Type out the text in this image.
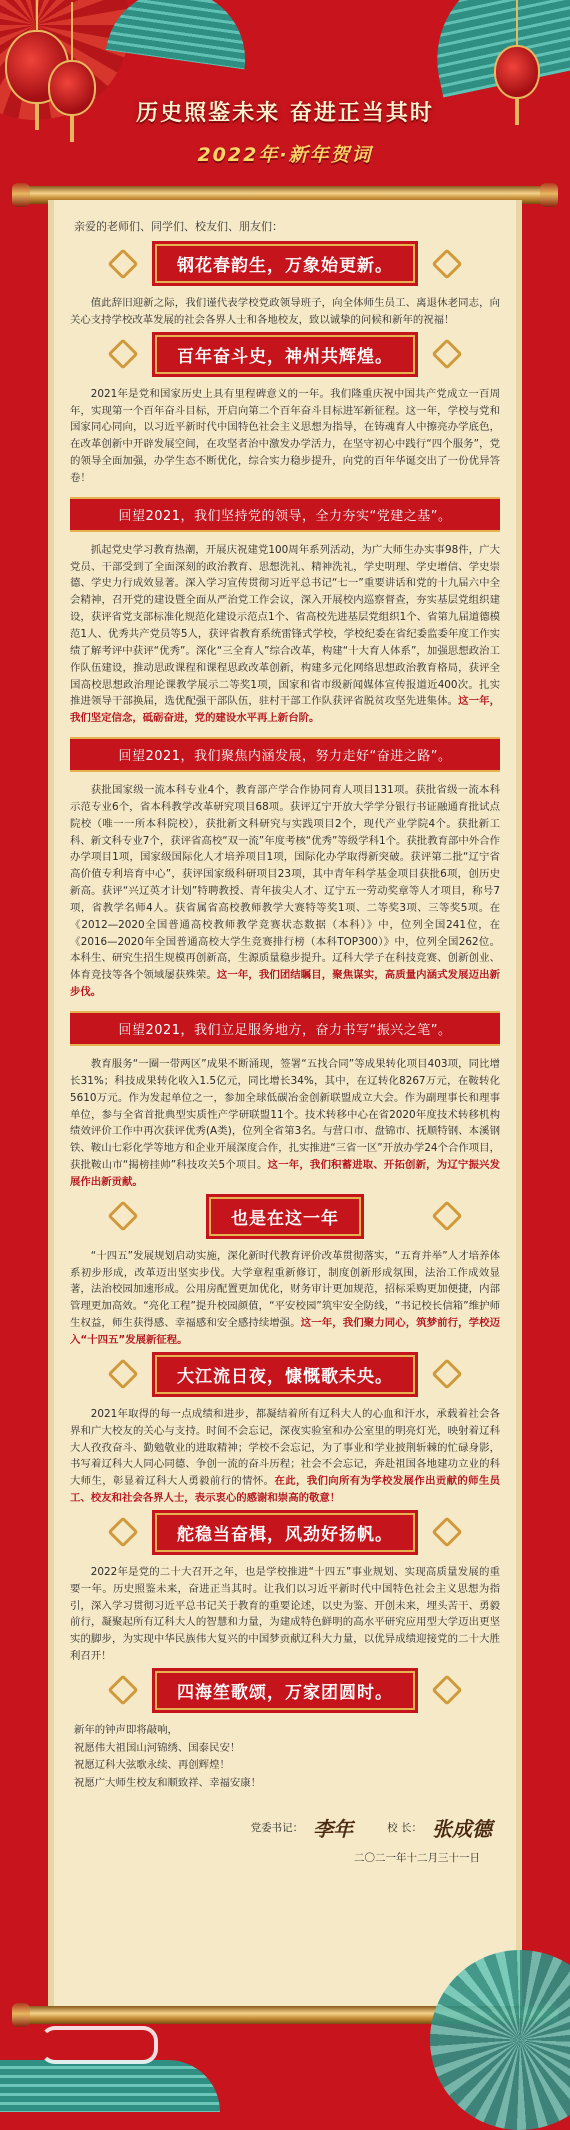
历史照鉴未来 奋进正当其时
2022年·新年贺词
亲爱的老师们、同学们、校友们、朋友们：
钢花春韵生，万象始更新。

值此辞旧迎新之际，我们谨代表学校党政领导班子，向全体师生员工、离退休老同志，向关心支持学校改革发展的社会各界人士和各地校友，致以诚挚的问候和新年的祝福！

百年奋斗史，神州共辉煌。

2021年是党和国家历史上具有里程碑意义的一年。我们隆重庆祝中国共产党成立一百周年，实现第一个百年奋斗目标，开启向第二个百年奋斗目标进军新征程。这一年，学校与党和国家同心同向，以习近平新时代中国特色社会主义思想为指导，在铸魂育人中擦亮办学底色，在改革创新中开辟发展空间，在攻坚者治中激发办学活力，在坚守初心中践行“四个服务”，党的领导全面加强，办学生态不断优化，综合实力稳步提升，向党的百年华诞交出了一份优异答卷！

回望2021，我们坚持党的领导，全力夯实“党建之基”。

抓起党史学习教育热潮，开展庆祝建党100周年系列活动，为广大师生办实事98件，广大党员、干部受到了全面深刻的政治教育、思想洗礼、精神洗礼，学史明理、学史增信、学史崇德、学史力行成效显著。深入学习宣传贯彻习近平总书记“七一”重要讲话和党的十九届六中全会精神，召开党的建设暨全面从严治党工作会议，深入开展校内巡察督查，夯实基层党组织建设，获评省党支部标准化规范化建设示范点1个、省高校先进基层党组织1个、省第九届道德模范1人、优秀共产党员等5人，获评省教育系统雷锋式学校，学校纪委在省纪委监委年度工作实绩了解考评中获评“优秀”。深化“三全育人”综合改革，构建“十大育人体系”，加强思想政治工作队伍建设，推动思政课程和课程思政改革创新，构建多元化网络思想政治教育格局，获评全国高校思想政治理论课教学展示二等奖1项，国家和省市级新闻媒体宣传报道近400次。扎实推进领导干部换届，选优配强干部队伍，驻村干部工作队获评省脱贫攻坚先进集体。这一年，我们坚定信念，砥砺奋进，党的建设水平再上新台阶。

回望2021，我们聚焦内涵发展，努力走好“奋进之路”。

获批国家级一流本科专业4个，教育部产学合作协同育人项目131项。获批省级一流本科示范专业6个，省本科教学改革研究项目68项。获评辽宁开放大学学分银行书证融通育批试点院校（唯一一所本科院校），获批新文科研究与实践项目2个，现代产业学院4个。获批新工科、新文科专业7个，获评省高校“双一流”年度考核“优秀”等级学科1个。获批教育部中外合作办学项目1项，国家级国际化人才培养项目1项，国际化办学取得新突破。获评第二批“辽宁省高价值专利培育中心”，获评国家级科研项目23项，其中青年科学基金项目获批6项，创历史新高。获评“兴辽英才计划”特聘教授、青年拔尖人才、辽宁五一劳动奖章等人才项目，称号7项，省教学名师4人。获省属省高校教师教学大赛特等奖1项、二等奖3项、三等奖5项。在《2012—2020全国普通高校教师教学竞赛状态数据（本科）》中，位列全国241位，在《2016—2020年全国普通高校大学生竞赛排行榜（本科TOP300）》中，位列全国262位。本科生、研究生招生规模再创新高，生源质量稳步提升。辽科大学子在科技竞赛、创新创业、体育竞技等各个领域屡获殊荣。这一年，我们团结瞩目，聚焦谋实，高质量内涵式发展迈出新步伐。

回望2021，我们立足服务地方，奋力书写“振兴之笔”。

教育服务“一圈一带两区”成果不断涌现，签署“五找合同”等成果转化项目403项，同比增长31%；科技成果转化收入1.5亿元，同比增长34%，其中，在辽转化8267万元，在鞍转化5610万元。作为发起单位之一，参加全球低碳冶金创新联盟成立大会。作为副理事长和理事单位，参与全省首批典型实质性产学研联盟11个。技术转移中心在省2020年度技术转移机构绩效评价工作中再次获评优秀(A类)，位列全省第3名。与营口市、盘锦市、抚顺特钢、本溪钢铁、鞍山七彩化学等地方和企业开展深度合作，扎实推进“三省一区”开放办学24个合作项目，获批鞍山市“揭榜挂帅”科技攻关5个项目。这一年，我们积蓄进取、开拓创新，为辽宁振兴发展作出新贡献。

也是在这一年

“十四五”发展规划启动实施，深化新时代教育评价改革贯彻落实，“五育并举”人才培养体系初步形成，改革迈出坚实步伐。大学章程重新修订，制度创新形成氛围，法治工作成效显著，法治校园加速形成。公用房配置更加优化，财务审计更加规范，招标采购更加便捷，内部管理更加高效。“亮化工程”提升校园颜值，“平安校园”筑牢安全防线，“书记校长信箱”维护师生权益，师生获得感、幸福感和安全感持续增强。这一年，我们聚力同心，筑梦前行，学校迈入“十四五”发展新征程。

大江流日夜，慷慨歌未央。

2021年取得的每一点成绩和进步，都凝结着所有辽科大人的心血和汗水，承载着社会各界和广大校友的关心与支持。时间不会忘记，深夜实验室和办公室里的明亮灯光，映射着辽科大人孜孜奋斗、勤勉敬业的进取精神；学校不会忘记，为了事业和学业披荆斩棘的忙碌身影，书写着辽科大人同心同德、争创一流的奋斗历程；社会不会忘记，奔赴祖国各地建功立业的科大师生，彰显着辽科大人勇毅前行的情怀。在此，我们向所有为学校发展作出贡献的师生员工、校友和社会各界人士，表示衷心的感谢和崇高的敬意！

舵稳当奋楫，风劲好扬帆。

2022年是党的二十大召开之年，也是学校推进“十四五”事业规划、实现高质量发展的重要一年。历史照鉴未来，奋进正当其时。让我们以习近平新时代中国特色社会主义思想为指引，深入学习贯彻习近平总书记关于教育的重要论述，以史为鉴、开创未来，埋头苦干、勇毅前行，凝聚起所有辽科大人的智慧和力量，为建成特色鲜明的高水平研究应用型大学迈出更坚实的脚步，为实现中华民族伟大复兴的中国梦贡献辽科大力量，以优异成绩迎接党的二十大胜利召开！

四海笙歌颂，万家团圆时。
新年的钟声即将敲响，
祝愿伟大祖国山河锦绣、国泰民安！
祝愿辽科大弦歌永续、再创辉煌！
祝愿广大师生校友和顺致祥、幸福安康！
党委书记： 李年	校 长： 张成德
二〇二一年十二月三十一日
